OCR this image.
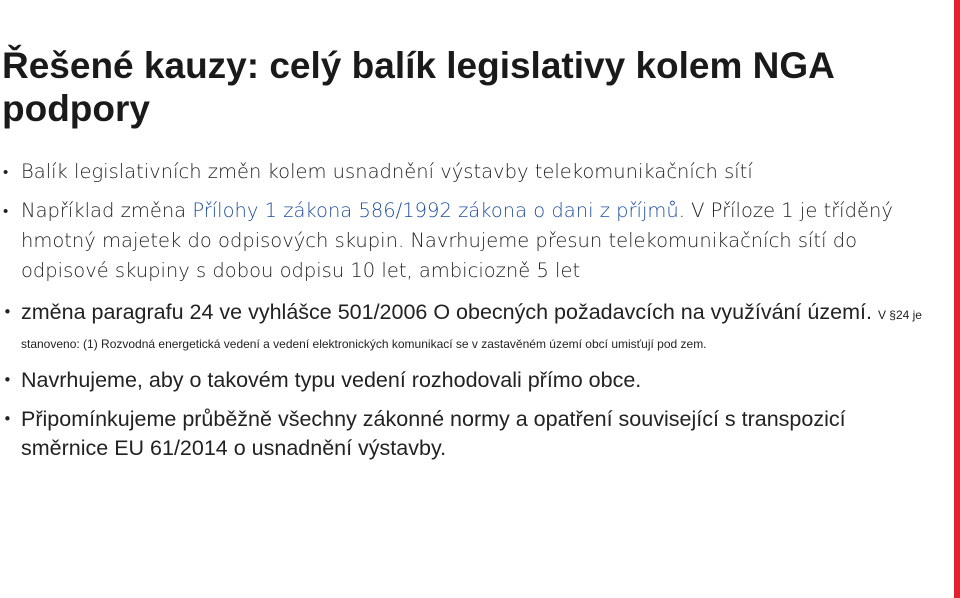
Řešené kauzy: celý balík legislativy kolem NGA podpory
• Balík legislativních změn kolem usnadnění výstavby telekomunikačních sítí
• Například změna Přílohy 1 zákona 586/1992 zákona o dani z příjmů. V Příloze 1 je tříděný hmotný majetek do odpisových skupin. Navrhujeme přesun telekomunikačních sítí do odpisové skupiny s dobou odpisu 10 let, ambiciozně 5 let
• změna paragrafu 24 ve vyhlášce 501/2006 O obecných požadavcích na využívání území. V §24 je stanoveno: (1) Rozvodná energetická vedení a vedení elektronických komunikací se v zastavěném území obcí umisťují pod zem.
• Navrhujeme, aby o takovém typu vedení rozhodovali přímo obce.
• Připomínkujeme průběžně všechny zákonné normy a opatření související s transpozicí směrnice EU 61/2014 o usnadnění výstavby.
